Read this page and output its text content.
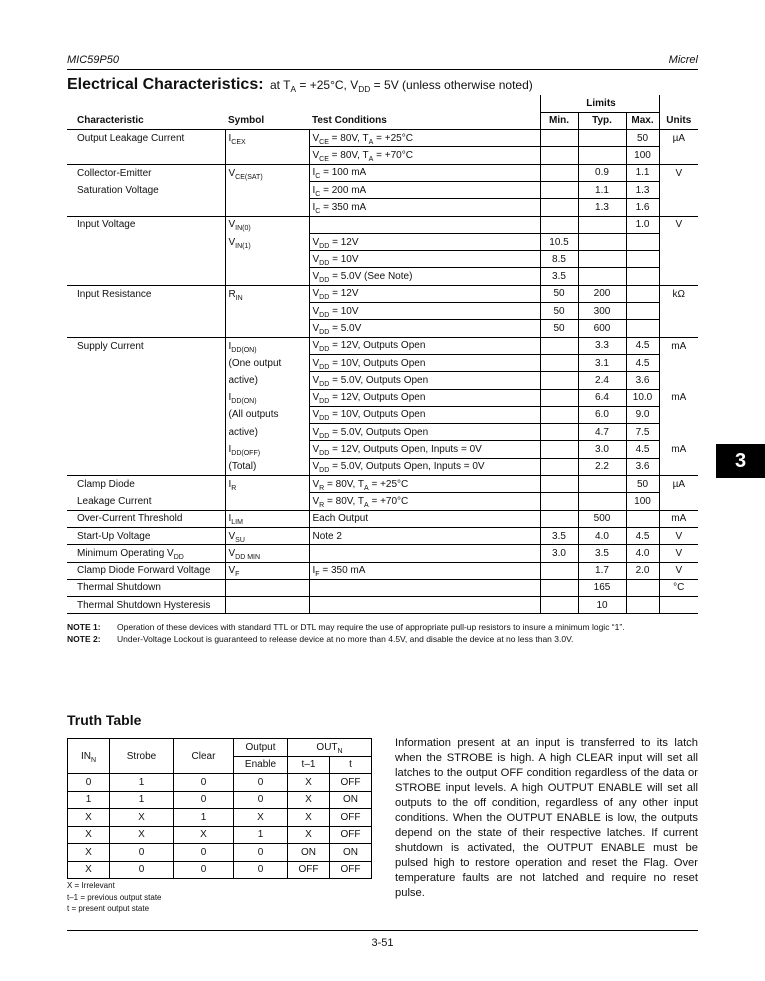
MIC59P50	Micrel
Electrical Characteristics: at $T_A = +25^\circ C$, $V_{DD} = 5V$ (unless otherwise noted)
			Limits			
Characteristic	Symbol	Test Conditions	Min.	Typ.	Max.	Units
Output Leakage Current	$I_{CEX}$	$V_{CE} = 80V$, $T_A = +25^\circ C$			50	µA
		$V_{CE} = 80V$, $T_A = +70^\circ C$			100	
Collector-Emitter	$V_{CE(SAT)}$	$I_C = 100$ mA		0.9	1.1	V
Saturation Voltage		$I_C = 200$ mA		1.1	1.3	
		$I_C = 350$ mA		1.3	1.6	
Input Voltage	$V_{IN(0)}$				1.0	V
	$V_{IN(1)}$	$V_{DD} = 12V$	10.5			
		$V_{DD} = 10V$	8.5			
		$V_{DD} = 5.0V$ (See Note)	3.5			
Input Resistance	$R_{IN}$	$V_{DD} = 12V$	50	200		kΩ
		$V_{DD} = 10V$	50	300		
		$V_{DD} = 5.0V$	50	600		
Supply Current	$I_{DD(ON)}$	$V_{DD} = 12V$, Outputs Open		3.3	4.5	mA
	(One output	$V_{DD} = 10V$, Outputs Open		3.1	4.5	
	active)	$V_{DD} = 5.0V$, Outputs Open		2.4	3.6	
	$I_{DD(ON)}$	$V_{DD} = 12V$, Outputs Open		6.4	10.0	mA
	(All outputs	$V_{DD} = 10V$, Outputs Open		6.0	9.0	
	active)	$V_{DD} = 5.0V$, Outputs Open		4.7	7.5	
	$I_{DD(OFF)}$	$V_{DD} = 12V$, Outputs Open, Inputs = 0V		3.0	4.5	mA
	(Total)	$V_{DD} = 5.0V$, Outputs Open, Inputs = 0V		2.2	3.6	
Clamp Diode	$I_R$	$V_R = 80V$, $T_A = +25^\circ C$			50	µA
Leakage Current		$V_R = 80V$, $T_A = +70^\circ C$			100	
Over-Current Threshold	$I_{LIM}$	Each Output		500		mA
Start-Up Voltage	$V_{SU}$	Note 2	3.5	4.0	4.5	V
Minimum Operating $V_{DD}$	$V_{DD MIN}$		3.0	3.5	4.0	V
Clamp Diode Forward Voltage	$V_F$	$I_F = 350$ mA		1.7	2.0	V
Thermal Shutdown				165		°C
Thermal Shutdown Hysteresis				10		
NOTE 1: Operation of these devices with standard TTL or DTL may require the use of appropriate pull-up resistors to insure a minimum logic “1”.
NOTE 2: Under-Voltage Lockout is guaranteed to release device at no more than 4.5V, and disable the device at no less than 3.0V.
Truth Table
$IN_N$	Strobe	Clear	Output	$OUT_N$
			Enable	t–1	t
0	1	0	0	X	OFF
1	1	0	0	X	ON
X	X	1	X	X	OFF
X	X	X	1	X	OFF
X	0	0	0	ON	ON
X	0	0	0	OFF	OFF
X = Irrelevant
t–1 = previous output state
t = present output state
Information present at an input is transferred to its latch when the STROBE is high. A high CLEAR input will set all latches to the output OFF condition regardless of the data or STROBE input levels. A high OUTPUT ENABLE will set all outputs to the off condition, regardless of any other input conditions. When the OUTPUT ENABLE is low, the outputs depend on the state of their respective latches. If current shutdown is activated, the OUTPUT ENABLE must be pulsed high to restore operation and reset the Flag. Over temperature faults are not latched and require no reset pulse.
3
3-51
